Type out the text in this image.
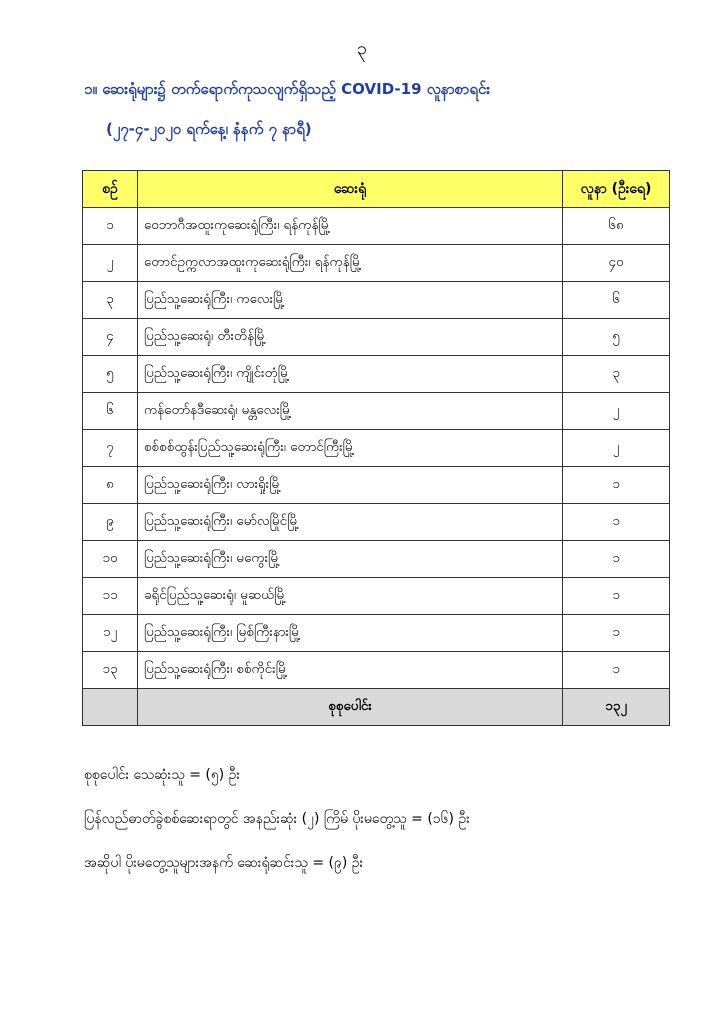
၃
၁။ ဆေးရုံများ၌ တက်ရောက်ကုသလျက်ရှိသည့် COVID-19 လူနာစာရင်း
(၂၇-၄-၂၀၂၀ ရက်နေ့၊ နံနက် ၇ နာရီ)
စဉ်	ဆေးရုံ	လူနာ (ဦးရေ)
၁	ဝေဘာဂီအထူးကုဆေးရုံကြီး၊ ရန်ကုန်မြို့	၆၈
၂	တောင်ဥက္ကလာအထူးကုဆေးရုံကြီး၊ ရန်ကုန်မြို့	၄၀
၃	ပြည်သူ့ဆေးရုံကြီး၊ ကလေးမြို့	၆
၄	ပြည်သူ့ဆေးရုံ၊ တီးတိန်မြို့	၅
၅	ပြည်သူ့ဆေးရုံကြီး၊ ကျိုင်းတုံမြို့	၃
၆	ကန်တော်နဒီဆေးရုံ၊ မန္တလေးမြို့	၂
၇	စစ်စစ်ထွန်းပြည်သူ့ဆေးရုံကြီး၊ တောင်ကြီးမြို့	၂
၈	ပြည်သူ့ဆေးရုံကြီး၊ လားရှိုးမြို့	၁
၉	ပြည်သူ့ဆေးရုံကြီး၊ မော်လမြိုင်မြို့	၁
၁၀	ပြည်သူ့ဆေးရုံကြီး၊ မကွေးမြို့	၁
၁၁	ခရိုင်ပြည်သူ့ဆေးရုံ၊ မူဆယ်မြို့	၁
၁၂	ပြည်သူ့ဆေးရုံကြီး၊ မြစ်ကြီးနားမြို့	၁
၁၃	ပြည်သူ့ဆေးရုံကြီး၊ စစ်ကိုင်းမြို့	၁
	စုစုပေါင်း	၁၃၂
စုစုပေါင်း သေဆုံးသူ = (၅) ဦး
ပြန်လည်ဓာတ်ခွဲစစ်ဆေးရာတွင် အနည်းဆုံး (၂) ကြိမ် ပိုးမတွေ့သူ = (၁၆) ဦး
အဆိုပါ ပိုးမတွေ့သူများအနက် ဆေးရုံဆင်းသူ = (၉) ဦး
